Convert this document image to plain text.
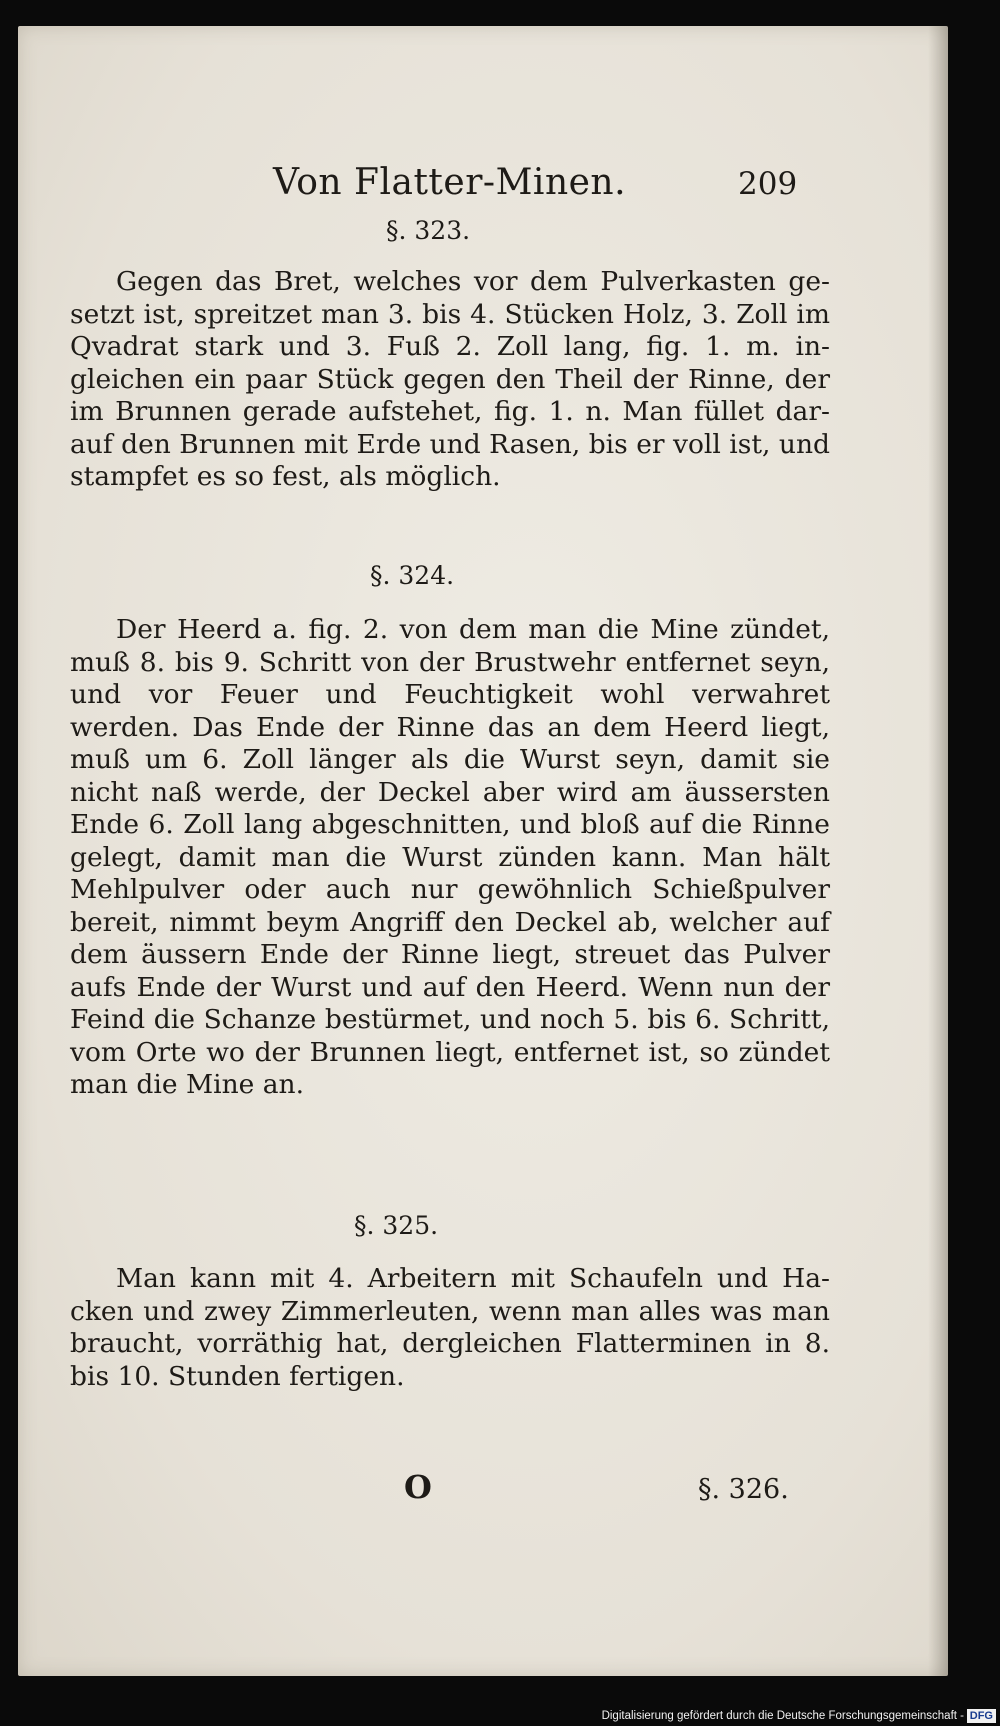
Von Flatter-Minen.	209
§. 323.
Gegen das Bret, welches vor dem Pulverkasten gesetzt ist, spreitzet man 3. bis 4. Stücken Holz, 3. Zoll im Qvadrat stark und 3. Fuß 2. Zoll lang, fig. 1. m. ingleichen ein paar Stück gegen den Theil der Rinne, der im Brunnen gerade aufstehet, fig. 1. n. Man füllet darauf den Brunnen mit Erde und Rasen, bis er voll ist, und stampfet es so fest, als möglich.
§. 324.
Der Heerd a. fig. 2. von dem man die Mine zündet, muß 8. bis 9. Schritt von der Brustwehr entfernet seyn, und vor Feuer und Feuchtigkeit wohl verwahret werden. Das Ende der Rinne das an dem Heerd liegt, muß um 6. Zoll länger als die Wurst seyn, damit sie nicht naß werde, der Deckel aber wird am äussersten Ende 6. Zoll lang abgeschnitten, und bloß auf die Rinne gelegt, damit man die Wurst zünden kann. Man hält Mehlpulver oder auch nur gewöhnlich Schießpulver bereit, nimmt beym Angriff den Deckel ab, welcher auf dem äussern Ende der Rinne liegt, streuet das Pulver aufs Ende der Wurst und auf den Heerd. Wenn nun der Feind die Schanze bestürmet, und noch 5. bis 6. Schritt, vom Orte wo der Brunnen liegt, entfernet ist, so zündet man die Mine an.
§. 325.
Man kann mit 4. Arbeitern mit Schaufeln und Hacken und zwey Zimmerleuten, wenn man alles was man braucht, vorräthig hat, dergleichen Flatterminen in 8. bis 10. Stunden fertigen.
O	§. 326.
Digitalisierung gefördert durch die Deutsche Forschungsgemeinschaft - DFG
